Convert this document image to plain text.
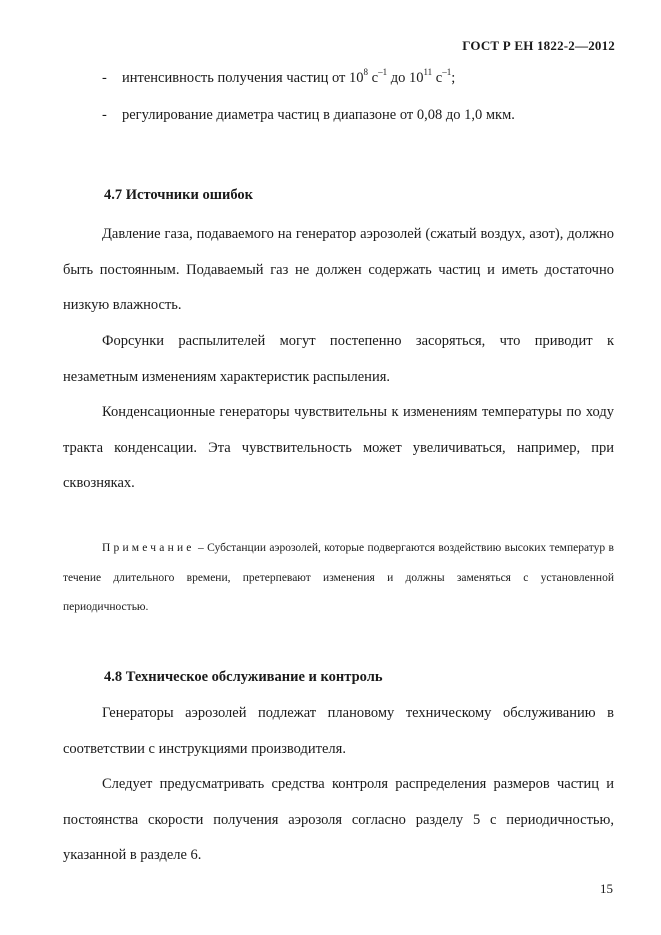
ГОСТ Р ЕН 1822-2—2012
- интенсивность получения частиц от $10^8$ $с^{-1}$ до $10^{11}$ $с^{-1}$;
- регулирование диаметра частиц в диапазоне от 0,08 до 1,0 мкм.
4.7 Источники ошибок

Давление газа, подаваемого на генератор аэрозолей (сжатый воздух, азот), должно быть постоянным. Подаваемый газ не должен содержать частиц и иметь достаточно низкую влажность.

Форсунки распылителей могут постепенно засоряться, что приводит к незаметным изменениям характеристик распыления.

Конденсационные генераторы чувствительны к изменениям температуры по ходу тракта конденсации. Эта чувствительность может увеличиваться, например, при сквозняках.

Примечание – Субстанции аэрозолей, которые подвергаются воздействию высоких температур в течение длительного времени, претерпевают изменения и должны заменяться с установленной периодичностью.

4.8 Техническое обслуживание и контроль

Генераторы аэрозолей подлежат плановому техническому обслуживанию в соответствии с инструкциями производителя.

Следует предусматривать средства контроля распределения размеров частиц и постоянства скорости получения аэрозоля согласно разделу 5 с периодичностью, указанной в разделе 6.

15
